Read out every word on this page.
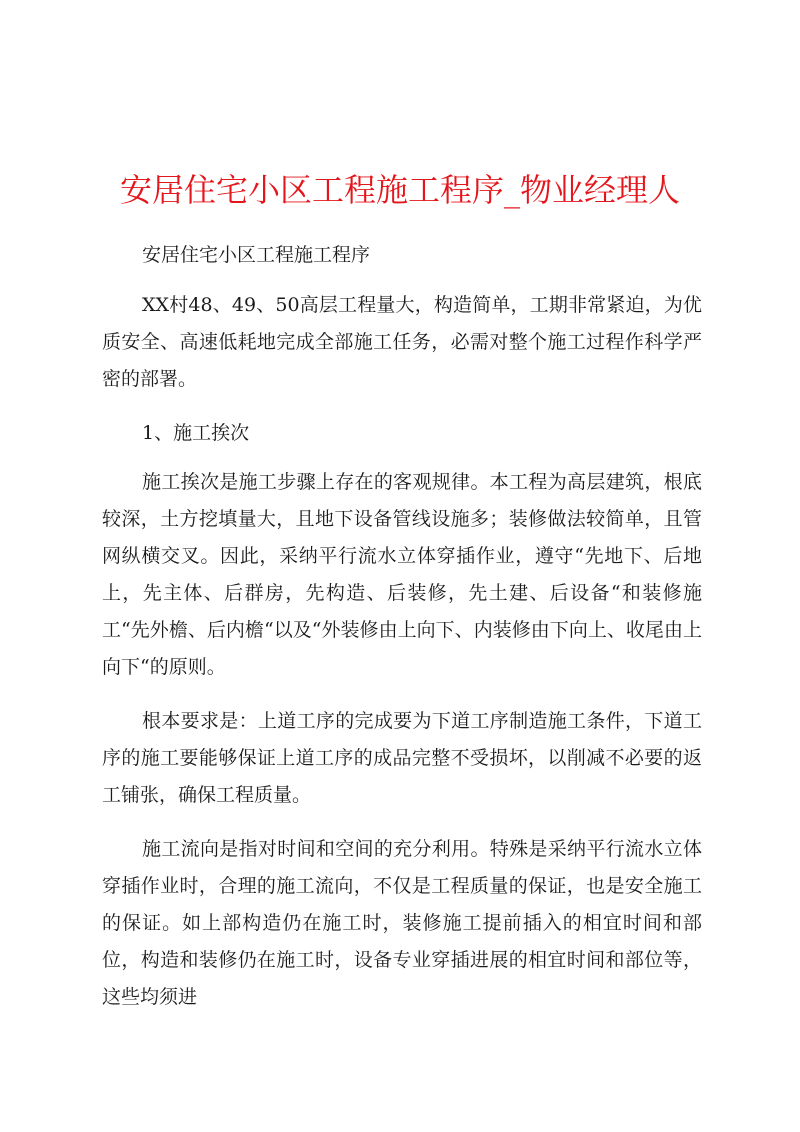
安居住宅小区工程施工程序_物业经理人

安居住宅小区工程施工程序

XX村48、49、50高层工程量大，构造简单，工期非常紧迫，为优质安全、高速低耗地完成全部施工任务，必需对整个施工过程作科学严密的部署。

1、施工挨次

施工挨次是施工步骤上存在的客观规律。本工程为高层建筑，根底较深，土方挖填量大，且地下设备管线设施多；装修做法较简单，且管网纵横交叉。因此，采纳平行流水立体穿插作业，遵守“先地下、后地上，先主体、后群房，先构造、后装修，先土建、后设备“和装修施工“先外檐、后内檐“以及“外装修由上向下、内装修由下向上、收尾由上向下“的原则。

根本要求是：上道工序的完成要为下道工序制造施工条件，下道工序的施工要能够保证上道工序的成品完整不受损坏，以削减不必要的返工铺张，确保工程质量。

施工流向是指对时间和空间的充分利用。特殊是采纳平行流水立体穿插作业时，合理的施工流向，不仅是工程质量的保证，也是安全施工的保证。如上部构造仍在施工时，装修施工提前插入的相宜时间和部位，构造和装修仍在施工时，设备专业穿插进展的相宜时间和部位等，这些均须进
